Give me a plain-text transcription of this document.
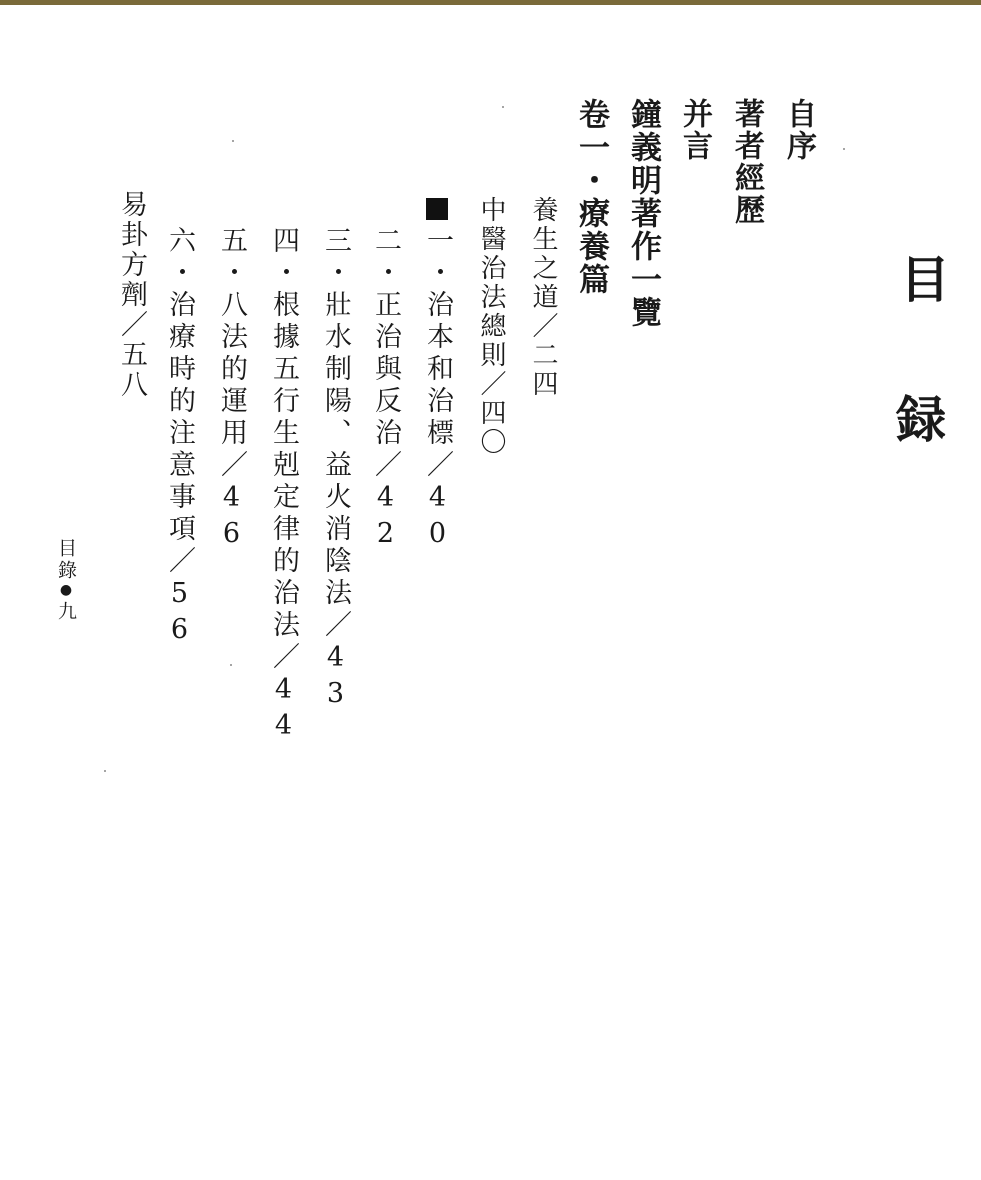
目
録
自序
著者經歷
并言
鐘義明著作一覽
卷一・療養篇
養生之道／二四
中醫治法總則／四〇
一・治本和治標／40
二・正治與反治／42
三・壯水制陽、益火消陰法／43
四・根據五行生剋定律的治法／44
五・八法的運用／46
六・治療時的注意事項／56
易卦方劑／五八
目錄●九
